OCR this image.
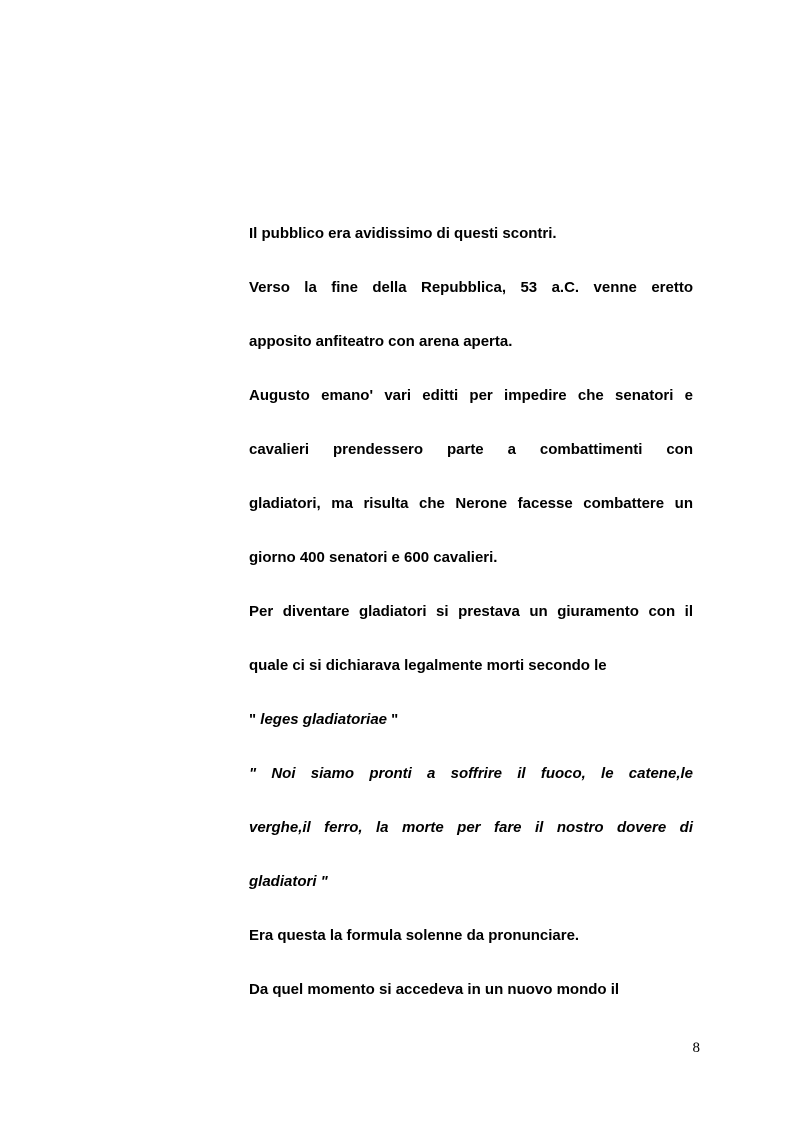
Il pubblico era avidissimo di questi scontri.

Verso la fine della Repubblica, 53 a.C. venne eretto

apposito anfiteatro con arena aperta.

Augusto emano' vari editti per impedire che senatori e

cavalieri prendessero parte a combattimenti con

gladiatori, ma risulta che Nerone facesse combattere un

giorno 400 senatori e 600 cavalieri.

Per diventare gladiatori si prestava un giuramento con il

quale ci si dichiarava legalmente morti secondo le

" leges gladiatoriae "

" Noi siamo pronti a soffrire il fuoco, le catene,le

verghe,il ferro, la morte per fare il nostro dovere di

gladiatori "

Era questa la formula solenne da pronunciare.

Da quel momento si accedeva in un nuovo mondo il

8
